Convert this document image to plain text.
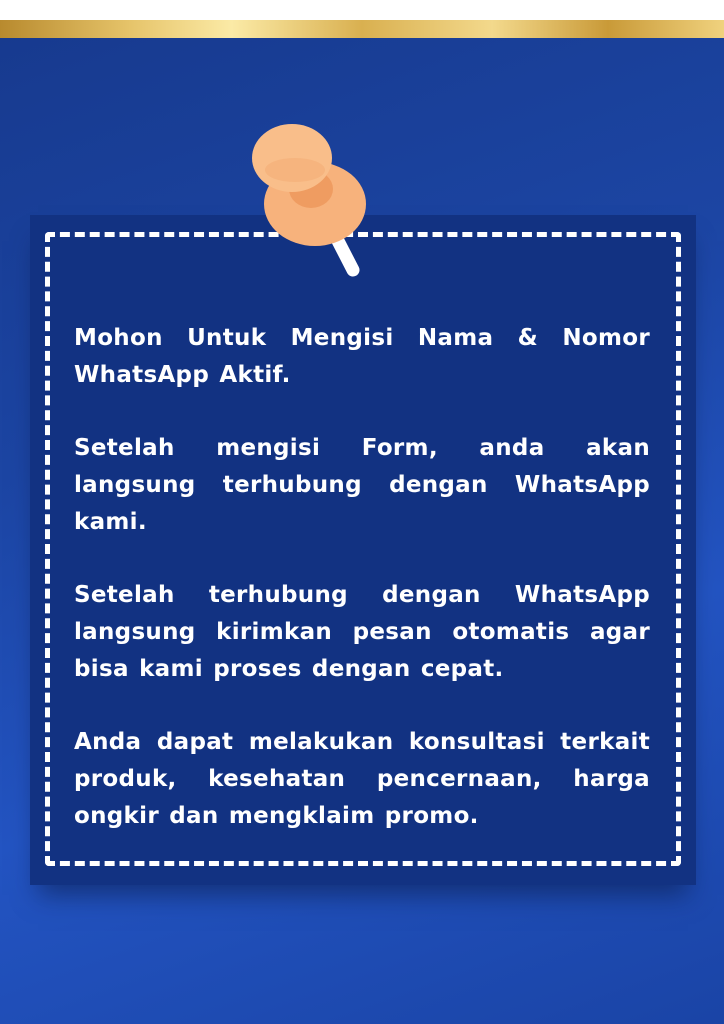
Mohon Untuk Mengisi Nama & Nomor WhatsApp Aktif.

Setelah mengisi Form, anda akan langsung terhubung dengan WhatsApp kami.

Setelah terhubung dengan WhatsApp langsung kirimkan pesan otomatis agar bisa kami proses dengan cepat.

Anda dapat melakukan konsultasi terkait produk, kesehatan pencernaan, harga ongkir dan mengklaim promo.
